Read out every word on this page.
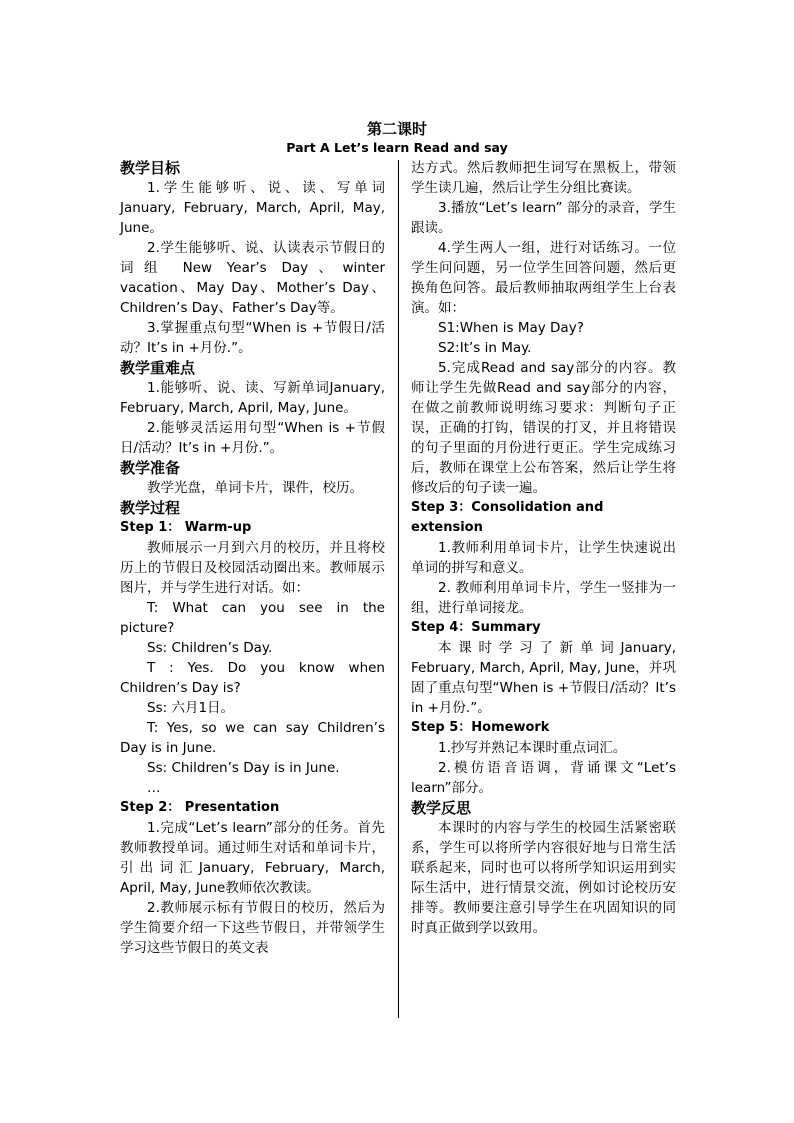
第二课时
Part A Let’s learn Read and say
教学目标

1.学生能够听、说、读、写单词January, February, March, April, May, June。

2.学生能够听、说、认读表示节假日的词组 New Year’s Day、winter vacation、May Day、Mother’s Day、Children’s Day、Father’s Day等。

3.掌握重点句型“When is +节假日/活动？It’s in +月份.”。

教学重难点

1.能够听、说、读、写新单词January, February, March, April, May, June。

2.能够灵活运用句型“When is +节假日/活动？It’s in +月份.”。

教学准备

教学光盘，单词卡片，课件，校历。

教学过程
Step 1： Warm-up

教师展示一月到六月的校历，并且将校历上的节假日及校园活动圈出来。教师展示图片，并与学生进行对话。如：

T: What can you see in the picture?

Ss: Children’s Day.

T : Yes. Do you know when Children’s Day is?

Ss: 六月1日。

T: Yes, so we can say Children’s Day is in June.

Ss: Children’s Day is in June.

…

Step 2： Presentation

1.完成“Let’s learn”部分的任务。首先教师教授单词。通过师生对话和单词卡片，引出词汇January, February, March, April, May, June教师依次教读。

2.教师展示标有节假日的校历，然后为学生简要介绍一下这些节假日，并带领学生学习这些节假日的英文表

达方式。然后教师把生词写在黑板上，带领学生读几遍，然后让学生分组比赛读。

3.播放“Let’s learn” 部分的录音，学生跟读。

4.学生两人一组，进行对话练习。一位学生问问题，另一位学生回答问题，然后更换角色问答。最后教师抽取两组学生上台表演。如：

S1:When is May Day?

S2:It’s in May.

5.完成Read and say部分的内容。教师让学生先做Read and say部分的内容，在做之前教师说明练习要求：判断句子正误，正确的打钩，错误的打叉，并且将错误的句子里面的月份进行更正。学生完成练习后，教师在课堂上公布答案，然后让学生将修改后的句子读一遍。

Step 3：Consolidation and extension

1.教师利用单词卡片，让学生快速说出单词的拼写和意义。

2. 教师利用单词卡片，学生一竖排为一组，进行单词接龙。

Step 4：Summary

本课时学习了新单词January, February, March, April, May, June，并巩固了重点句型“When is +节假日/活动？It’s in +月份.”。

Step 5：Homework

1.抄写并熟记本课时重点词汇。

2.模仿语音语调，背诵课文“Let’s learn”部分。

教学反思

本课时的内容与学生的校园生活紧密联系，学生可以将所学内容很好地与日常生活联系起来，同时也可以将所学知识运用到实际生活中，进行情景交流，例如讨论校历安排等。教师要注意引导学生在巩固知识的同时真正做到学以致用。
